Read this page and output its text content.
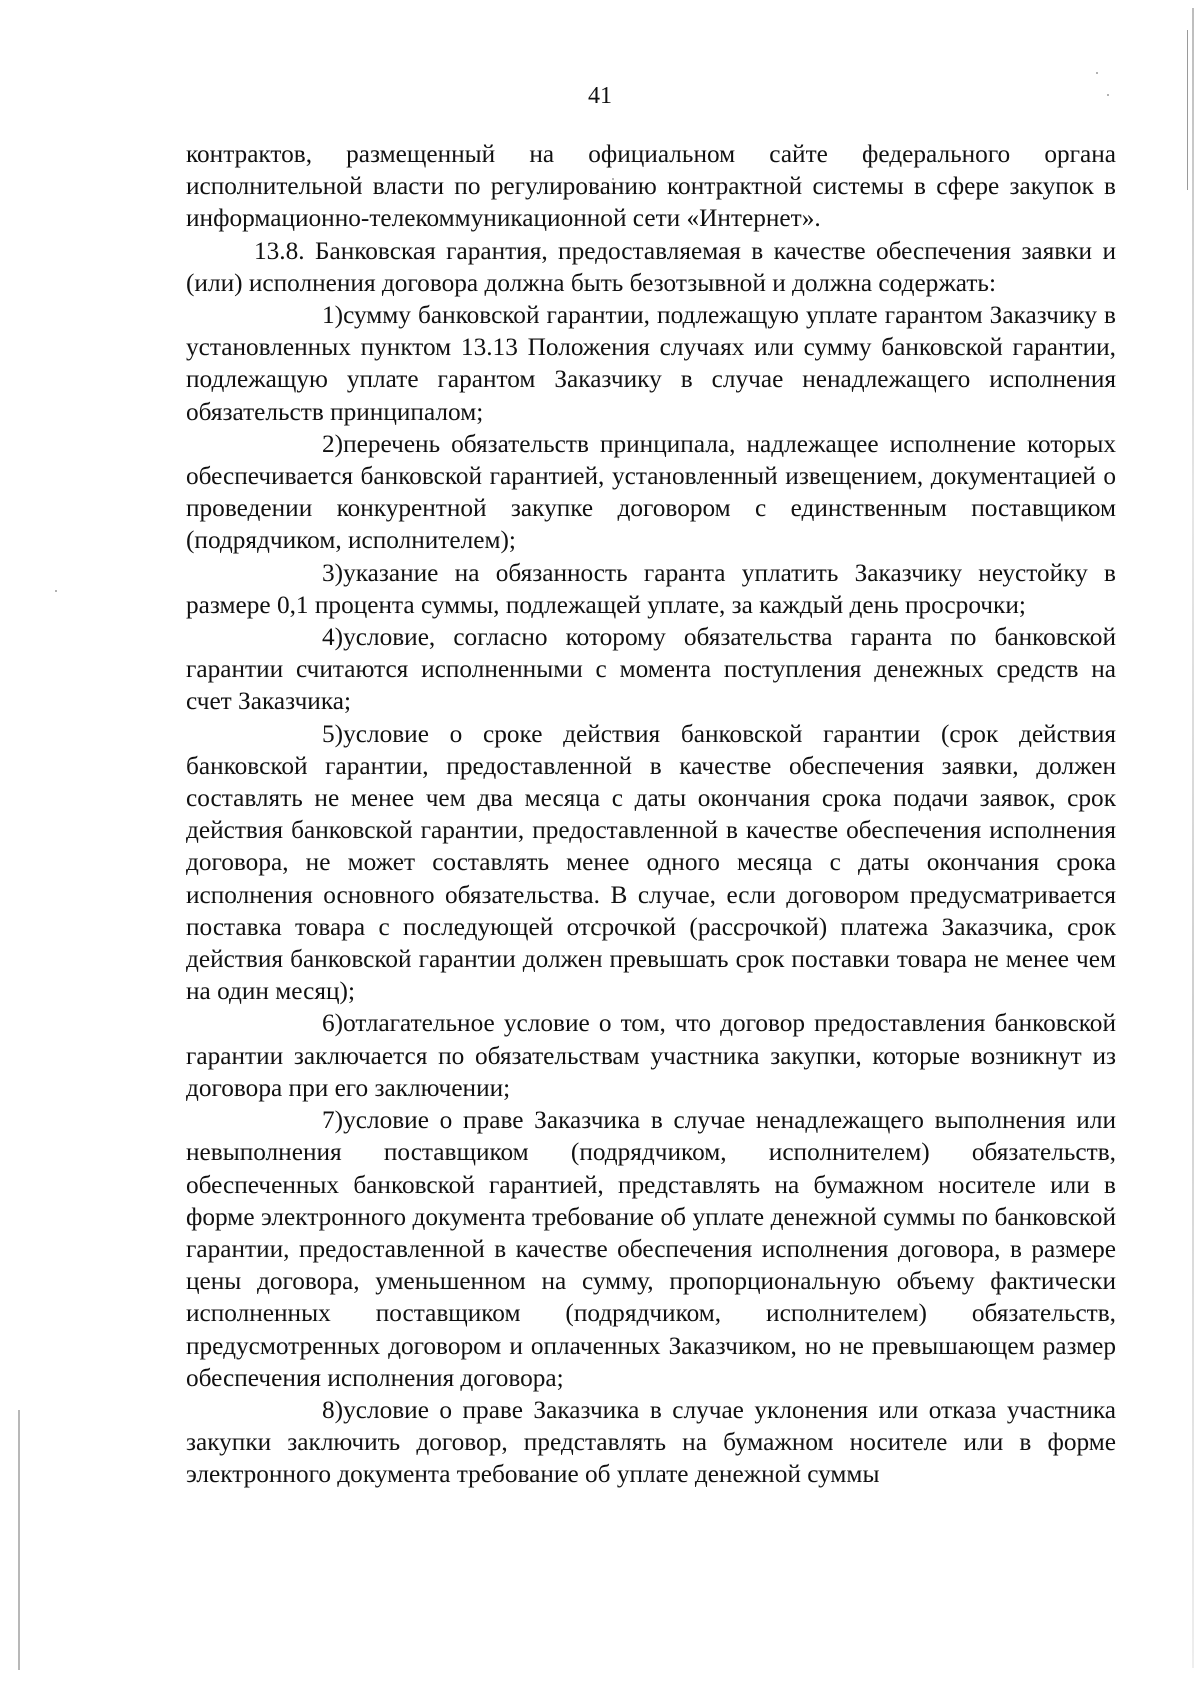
41

контрактов, размещенный на официальном сайте федерального органа исполнительной власти по регулированию контрактной системы в сфере закупок в информационно-телекоммуникационной сети «Интернет».

13.8. Банковская гарантия, предоставляемая в качестве обеспечения заявки и (или) исполнения договора должна быть безотзывной и должна содержать:

1)сумму банковской гарантии, подлежащую уплате гарантом Заказчику в установленных пунктом 13.13 Положения случаях или сумму банковской гарантии, подлежащую уплате гарантом Заказчику в случае ненадлежащего исполнения обязательств принципалом;

2)перечень обязательств принципала, надлежащее исполнение которых обеспечивается банковской гарантией, установленный извещением, документацией о проведении конкурентной закупке договором с единственным поставщиком (подрядчиком, исполнителем);

3)указание на обязанность гаранта уплатить Заказчику неустойку в размере 0,1 процента суммы, подлежащей уплате, за каждый день просрочки;

4)условие, согласно которому обязательства гаранта по банковской гарантии считаются исполненными с момента поступления денежных средств на счет Заказчика;

5)условие о сроке действия банковской гарантии (срок действия банковской гарантии, предоставленной в качестве обеспечения заявки, должен составлять не менее чем два месяца с даты окончания срока подачи заявок, срок действия банковской гарантии, предоставленной в качестве обеспечения исполнения договора, не может составлять менее одного месяца с даты окончания срока исполнения основного обязательства. В случае, если договором предусматривается поставка товара с последующей отсрочкой (рассрочкой) платежа Заказчика, срок действия банковской гарантии должен превышать срок поставки товара не менее чем на один месяц);

6)отлагательное условие о том, что договор предоставления банковской гарантии заключается по обязательствам участника закупки, которые возникнут из договора при его заключении;

7)условие о праве Заказчика в случае ненадлежащего выполнения или невыполнения поставщиком (подрядчиком, исполнителем) обязательств, обеспеченных банковской гарантией, представлять на бумажном носителе или в форме электронного документа требование об уплате денежной суммы по банковской гарантии, предоставленной в качестве обеспечения исполнения договора, в размере цены договора, уменьшенном на сумму, пропорциональную объему фактически исполненных поставщиком (подрядчиком, исполнителем) обязательств, предусмотренных договором и оплаченных Заказчиком, но не превышающем размер обеспечения исполнения договора;

8)условие о праве Заказчика в случае уклонения или отказа участника закупки заключить договор, представлять на бумажном носителе или в форме электронного документа требование об уплате денежной суммы
